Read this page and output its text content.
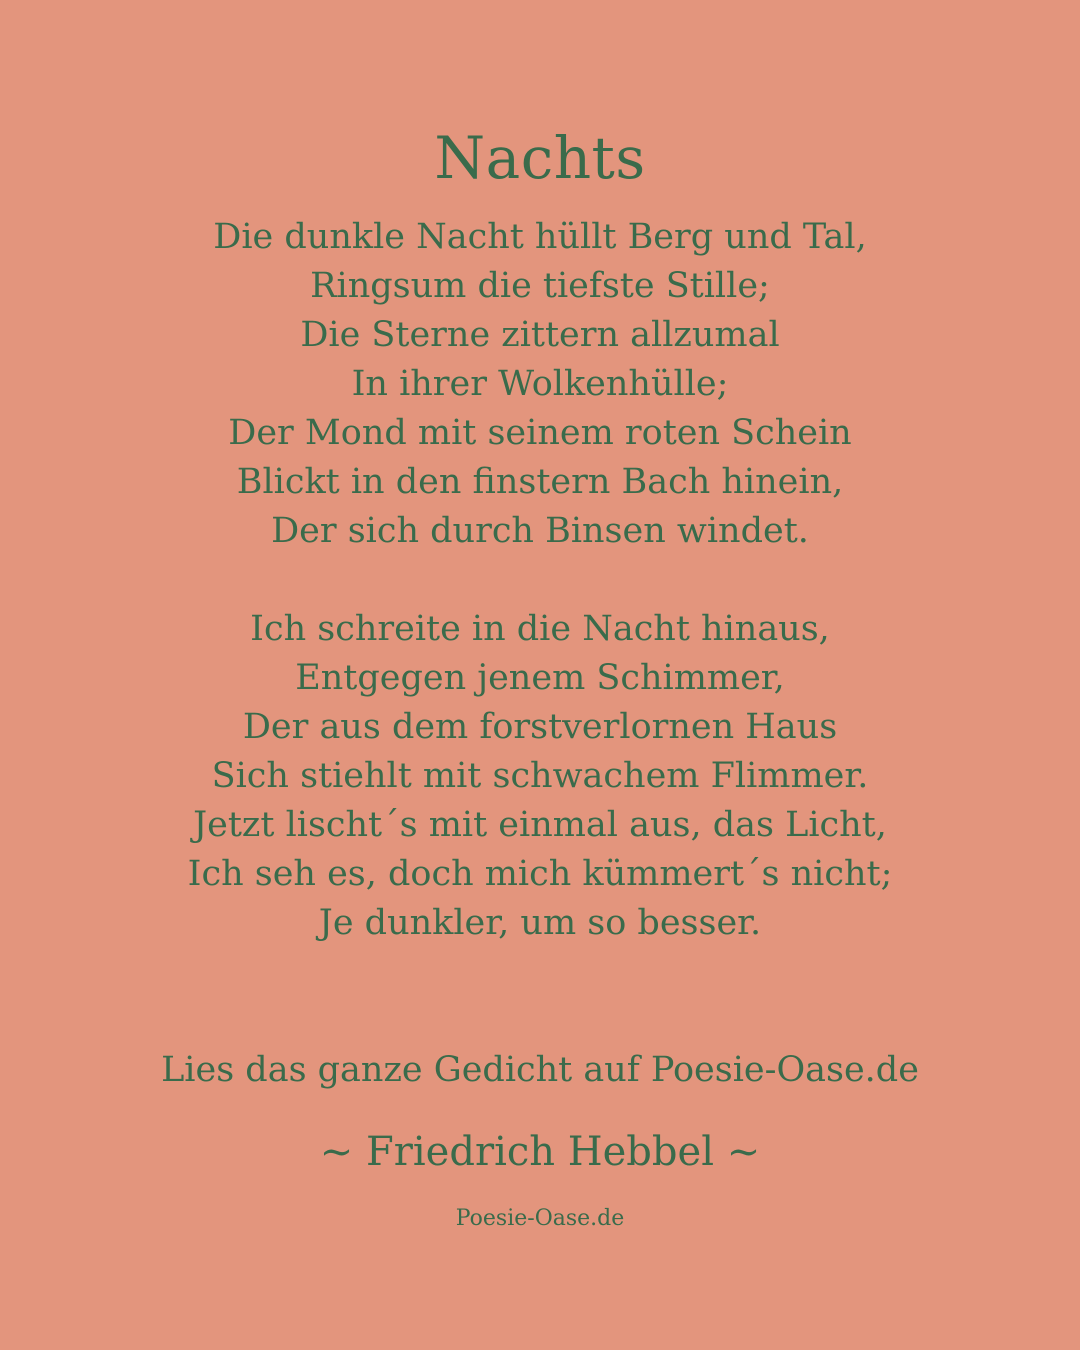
Nachts
Die dunkle Nacht hüllt Berg und Tal,
Ringsum die tiefste Stille;
Die Sterne zittern allzumal
In ihrer Wolkenhülle;
Der Mond mit seinem roten Schein
Blickt in den finstern Bach hinein,
Der sich durch Binsen windet.
Ich schreite in die Nacht hinaus,
Entgegen jenem Schimmer,
Der aus dem forstverlornen Haus
Sich stiehlt mit schwachem Flimmer.
Jetzt lischt´s mit einmal aus, das Licht,
Ich seh es, doch mich kümmert´s nicht;
Je dunkler, um so besser.
Lies das ganze Gedicht auf Poesie-Oase.de
~ Friedrich Hebbel ~
Poesie-Oase.de
